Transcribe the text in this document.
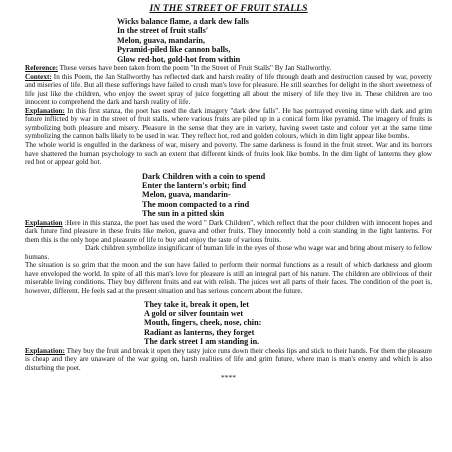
IN THE STREET OF FRUIT STALLS
Wicks balance flame, a dark dew falls
In the street of fruit stalls'
Melon, guava, mandarin,
Pyramid-piled like cannon balls,
Glow red-hot, gold-hot from within

Reference: These verses have been taken from the poem "In the Street of Fruit Stalls" By Jan Stallworthy.

Context: In this Poem, the Jan Stallworthy has reflected dark and harsh reality of life through death and destruction caused by war, poverty and miseries of life. But all these sufferings have failed to crush man's love for pleasure. He still searches for delight in the short sweetness of life just like the children, who enjoy the sweet spray of juice forgetting all about the misery of life they live in. These children are too innocent to comprehend the dark and harsh reality of life.

Explanation: In this first stanza, the poet has used the dark imagery "dark dew falls". He has portrayed evening time with dark and grim future inflicted by war in the street of fruit stalls, where various fruits are piled up in a conical form like pyramid. The imagery of fruits is symbolizing both pleasure and misery. Pleasure in the sense that they are in variety, having sweet taste and colour yet at the same time symbolizing the cannon balls likely to be used in war. They reflect hot, red and golden colours, which in dim light appear like bombs.

The whole world is engulfed in the darkness of war, misery and poverty. The same darkness is found in the fruit street. War and its horrors have shattered the human psychology to such an extent that different kinds of fruits look like bombs. In the dim light of lanterns they glow red hot or appear gold hot.

Dark Children with a coin to spend
Enter the lantern's orbit; find
Melon, guava, mandarin-
The moon compacted to a rind
The sun in a pitted skin

Explanation :Here in this stanza, the poet has used the word " Dark Children", which reflect that the poor children with innocent hopes and dark future find pleasure in these fruits like melon, guava and other fruits. They innocently hold a coin standing in the light lanterns. For them this is the only hope and pleasure of life to buy and enjoy the taste of various fruits.

Dark children symbolize insignificant of human life in the eyes of those who wage war and bring about misery to fellow humans.

The situation is so grim that the moon and the sun have failed to perform their normal functions as a result of which darkness and gloom have enveloped the world. In spite of all this man's love for pleasure is still an integral part of his nature. The children are oblivious of their miserable living conditions. They buy different fruits and eat with relish. The juices wet all parts of their faces. The condition of the poet is, however, different. He feels sad at the present situation and has serious concern about the future.

They take it, break it open, let
A gold or silver fountain wet
Mouth, fingers, cheek, nose, chin:
Radiant as lanterns, they forget
The dark street I am standing in.

Explanation: They buy the fruit and break it open they tasty juice runs down their cheeks lips and stick to their hands. For them the pleasure is cheap and they are unaware of the war going on, harsh realities of life and grim future, where man is man's enemy and which is also disturbing the poet.

****
